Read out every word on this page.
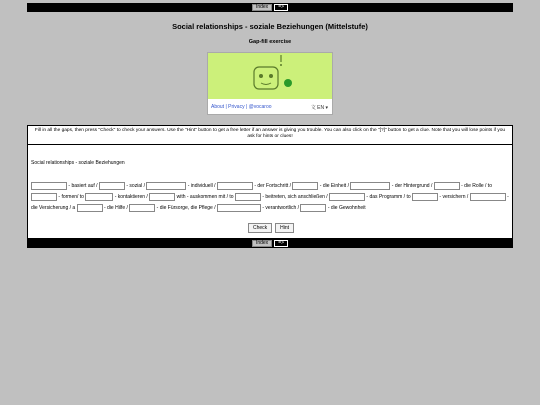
Index	=>
Social relationships - soziale Beziehungen (Mittelstufe)
Gap-fill exercise
About | Privacy | @vocaroo	文 EN ▾
Fill in all the gaps, then press "Check" to check your answers. Use the "Hint" button to get a free letter if an answer is giving you trouble. You can also click on the "[?]" button to get a clue. Note that you will lose points if you ask for hints or clues!
Social relationships - soziale Beziehungen
- basiert auf /	- sozial /	- individuell /	- der Fortschritt /	- die Einheit /	- der Hintergrund /	- die Rolle / to  - formen/ to	- kontaktieren /	with - auskommen mit / to	- beitreten, sich anschließen /	- das Programm / to	- versichern /	- die Versicherung / a	- die Hilfe /	- die Fürsorge, die Pflege /	- verantwortlich /	- die Gewohnheit
Check	Hint
Index	=>
